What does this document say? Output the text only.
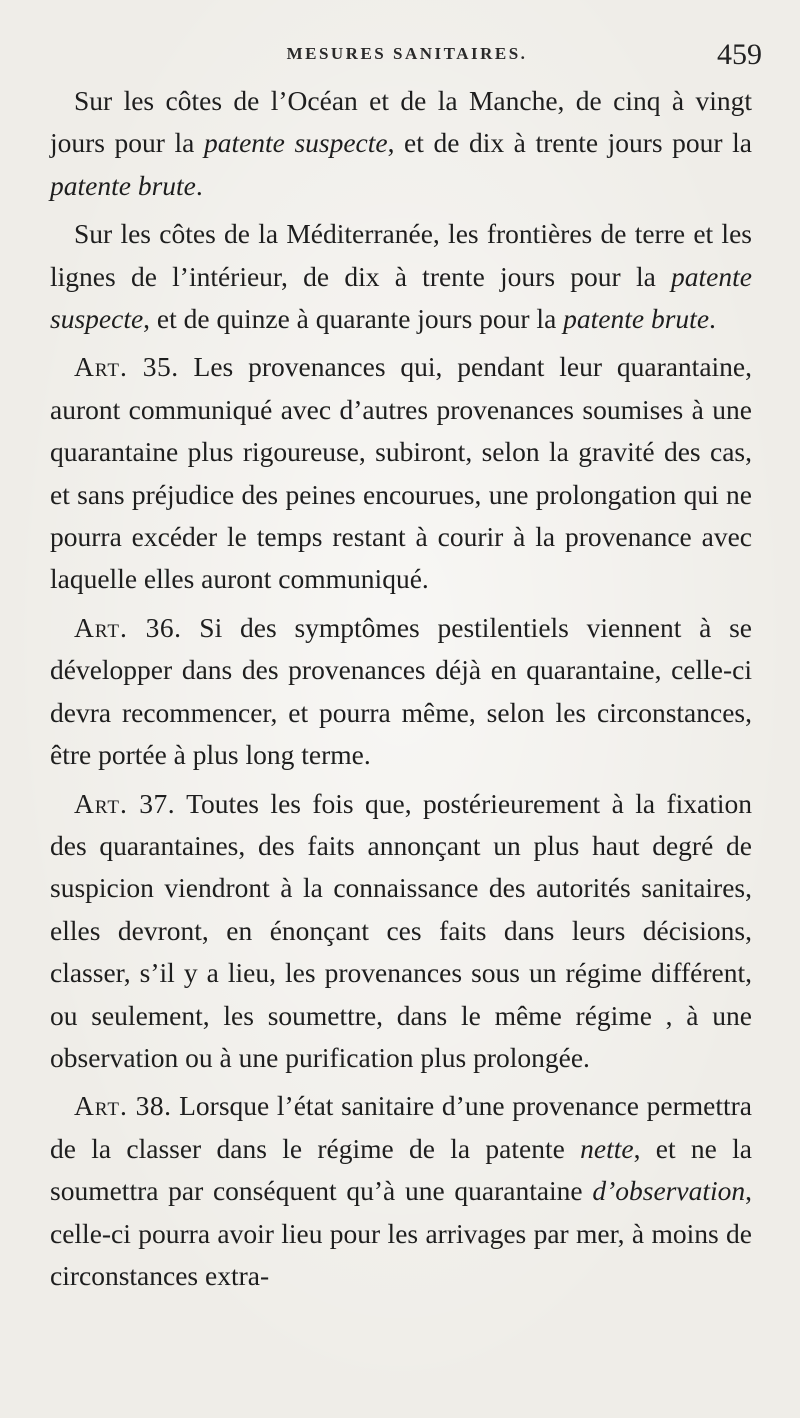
MESURES SANITAIRES.	459

Sur les côtes de l’Océan et de la Manche, de cinq à vingt jours pour la patente suspecte, et de dix à trente jours pour la patente brute.

Sur les côtes de la Méditerranée, les frontières de terre et les lignes de l’intérieur, de dix à trente jours pour la patente suspecte, et de quinze à quarante jours pour la patente brute.

Art. 35. Les provenances qui, pendant leur quarantaine, auront communiqué avec d’autres provenances soumises à une quarantaine plus rigoureuse, subiront, selon la gravité des cas, et sans préjudice des peines encourues, une prolongation qui ne pourra excéder le temps restant à courir à la provenance avec laquelle elles auront communiqué.

Art. 36. Si des symptômes pestilentiels viennent à se développer dans des provenances déjà en quarantaine, celle-ci devra recommencer, et pourra même, selon les circonstances, être portée à plus long terme.

Art. 37. Toutes les fois que, postérieurement à la fixation des quarantaines, des faits annonçant un plus haut degré de suspicion viendront à la connaissance des autorités sanitaires, elles devront, en énonçant ces faits dans leurs décisions, classer, s’il y a lieu, les provenances sous un régime différent, ou seulement, les soumettre, dans le même régime , à une observation ou à une purification plus prolongée.

Art. 38. Lorsque l’état sanitaire d’une provenance permettra de la classer dans le régime de la patente nette, et ne la soumettra par conséquent qu’à une quarantaine d’observation, celle-ci pourra avoir lieu pour les arrivages par mer, à moins de circonstances extra-
